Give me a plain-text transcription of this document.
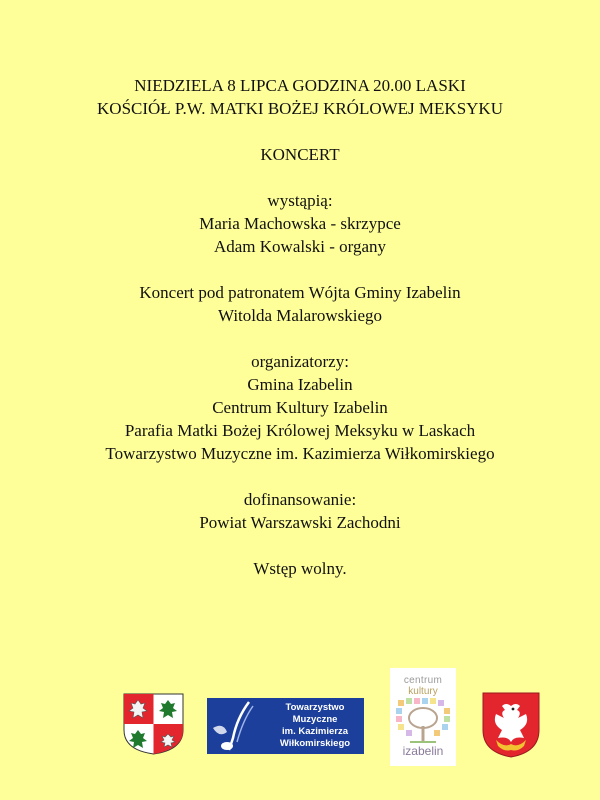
NIEDZIELA 8 LIPCA GODZINA 20.00 LASKI
KOŚCIÓŁ P.W. MATKI BOŻEJ KRÓLOWEJ MEKSYKU
KONCERT
wystąpią:
Maria Machowska - skrzypce
Adam Kowalski - organy
Koncert pod patronatem Wójta Gminy Izabelin
Witolda Malarowskiego
organizatorzy:
Gmina Izabelin
Centrum Kultury Izabelin
Parafia Matki Bożej Królowej Meksyku w Laskach
Towarzystwo Muzyczne im. Kazimierza Wiłkomirskiego
dofinansowanie:
Powiat Warszawski Zachodni
Wstęp wolny.
Towarzystwo
Muzyczne
im. Kazimierza
Wiłkomirskiego
centrum
kultury
izabelin
